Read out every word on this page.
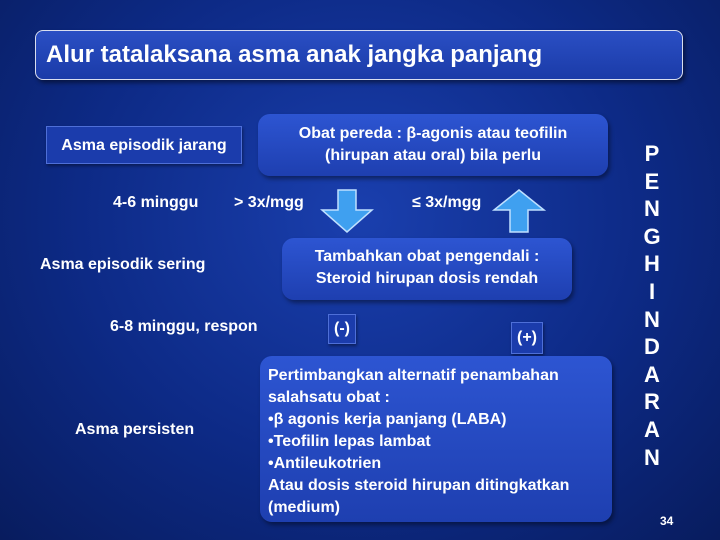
Alur tatalaksana asma anak jangka panjang
Asma episodik jarang
4-6 minggu > 3x/mgg	≤ 3x/mgg
Asma episodik sering
6-8 minggu, respon
Asma persisten
Obat pereda : β-agonis atau teofilin
(hirupan atau oral) bila perlu
Tambahkan obat pengendali :
Steroid hirupan dosis rendah
(-)
(+)
Pertimbangkan alternatif penambahan
salahsatu obat :
•β agonis kerja panjang (LABA)
•Teofilin lepas lambat
•Antileukotrien
Atau dosis steroid hirupan ditingkatkan
(medium)
P
E
N
G
H
I
N
D
A
R
A
N
34
